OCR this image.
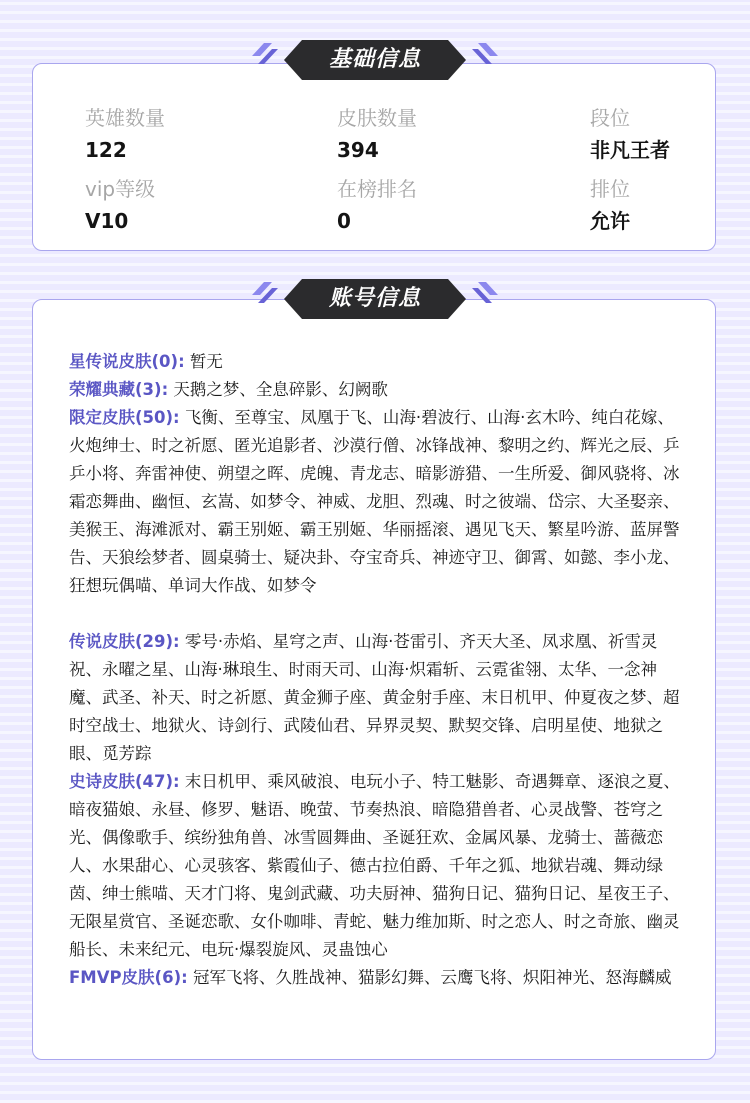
英雄数量
122
皮肤数量
394
段位
非凡王者
vip等级
V10
在榜排名
0
排位
允许
基础信息

星传说皮肤(0): 暂无

荣耀典藏(3): 天鹅之梦、全息碎影、幻阙歌

限定皮肤(50): 飞衡、至尊宝、凤凰于飞、山海·碧波行、山海·玄木吟、纯白花嫁、火炮绅士、时之祈愿、匿光追影者、沙漠行僧、冰锋战神、黎明之约、辉光之辰、乒乒小将、奔雷神使、朔望之晖、虎魄、青龙志、暗影游猎、一生所爱、御风骁将、冰霜恋舞曲、幽恒、玄嵩、如梦令、神威、龙胆、烈魂、时之彼端、岱宗、大圣娶亲、美猴王、海滩派对、霸王别姬、霸王别姬、华丽摇滚、遇见飞天、繁星吟游、蓝屏警告、天狼绘梦者、圆桌骑士、疑决卦、夺宝奇兵、神迹守卫、御霄、如懿、李小龙、狂想玩偶喵、单词大作战、如梦令

传说皮肤(29): 零号·赤焰、星穹之声、山海·苍雷引、齐天大圣、凤求凰、祈雪灵祝、永曜之星、山海·琳琅生、时雨天司、山海·炽霜斩、云霓雀翎、太华、一念神魔、武圣、补天、时之祈愿、黄金狮子座、黄金射手座、末日机甲、仲夏夜之梦、超时空战士、地狱火、诗剑行、武陵仙君、异界灵契、默契交锋、启明星使、地狱之眼、觅芳踪

史诗皮肤(47): 末日机甲、乘风破浪、电玩小子、特工魅影、奇遇舞章、逐浪之夏、暗夜猫娘、永昼、修罗、魅语、晚萤、节奏热浪、暗隐猎兽者、心灵战警、苍穹之光、偶像歌手、缤纷独角兽、冰雪圆舞曲、圣诞狂欢、金属风暴、龙骑士、蔷薇恋人、水果甜心、心灵骇客、紫霞仙子、德古拉伯爵、千年之狐、地狱岩魂、舞动绿茵、绅士熊喵、天才门将、鬼剑武藏、功夫厨神、猫狗日记、猫狗日记、星夜王子、无限星赏官、圣诞恋歌、女仆咖啡、青蛇、魅力维加斯、时之恋人、时之奇旅、幽灵船长、未来纪元、电玩·爆裂旋风、灵蛊蚀心

FMVP皮肤(6): 冠军飞将、久胜战神、猫影幻舞、云鹰飞将、炽阳神光、怒海麟威

账号信息
